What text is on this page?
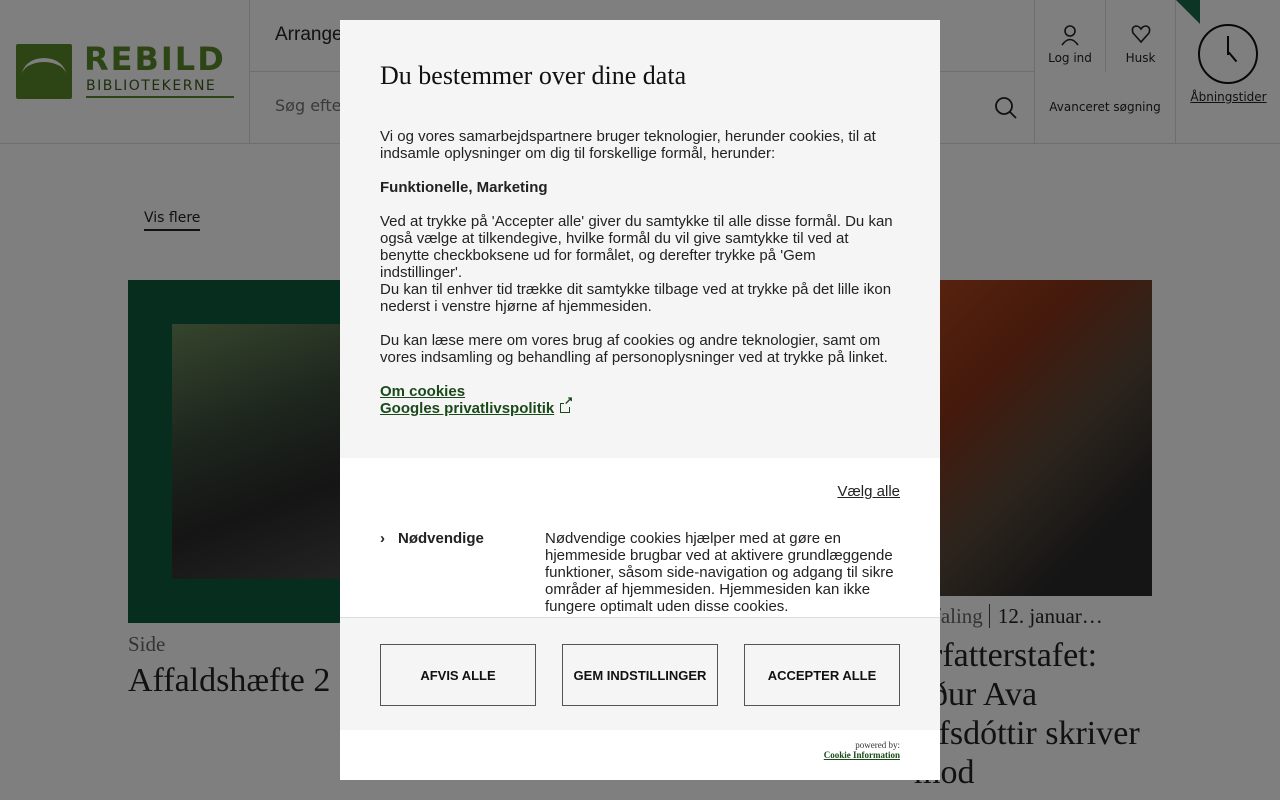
Søg efter
Du bestemmer over dine data

Vi og vores samarbejdspartnere bruger teknologier, herunder cookies, til at indsamle oplysninger om dig til forskellige formål, herunder:

Funktionelle, Marketing

Ved at trykke på 'Accepter alle' giver du samtykke til alle disse formål. Du kan også vælge at tilkendegive, hvilke formål du vil give samtykke til ved at benytte checkboksene ud for formålet, og derefter trykke på 'Gem indstillinger'.

Du kan til enhver tid trække dit samtykke tilbage ved at trykke på det lille ikon nederst i venstre hjørne af hjemmesiden.

Du kan læse mere om vores brug af cookies og andre teknologier, samt om vores indsamling og behandling af personoplysninger ved at trykke på linket.

Om cookies
Googles privatlivspolitik↗
Vælg alle
› Nødvendige	Nødvendige cookies hjælper med at gøre en hjemmeside brugbar ved at aktivere grundlæggende funktioner, såsom side-navigation og adgang til sikre områder af hjemmesiden. Hjemmesiden kan ikke fungere optimalt uden disse cookies.
AFVIS ALLE	GEM INDSTILLINGER	ACCEPTER ALLE
powered by:
Cookie Information
